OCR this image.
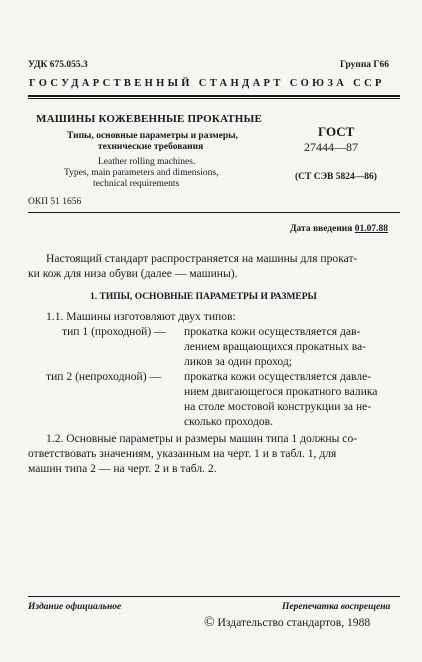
УДК 675.055.3	Группа Г66
ГОСУДАРСТВЕННЫЙ СТАНДАРТ СОЮЗА ССР
МАШИНЫ КОЖЕВЕННЫЕ ПРОКАТНЫЕ
Типы, основные параметры и размеры,
технические требования
Leather rolling machines.
Types, main parameters and dimensions,
technical requirements
ГОСТ
27444—87
(СТ СЭВ 5824—86)
ОКП 51 1656
Дата введения 01.07.88
Настоящий стандарт распространяется на машины для прокат-
ки кож для низа обуви (далее — машины).
1. ТИПЫ, ОСНОВНЫЕ ПАРАМЕТРЫ И РАЗМЕРЫ
1.1. Машины изготовляют двух типов:
тип 1 (проходной) — прокатка кожи осуществляется дав-
лением вращающихся прокатных ва-
ликов за один проход;
тип 2 (непроходной) — прокатка кожи осуществляется давле-
нием двигающегося прокатного валика
на столе мостовой конструкции за не-
сколько проходов.
1.2. Основные параметры и размеры машин типа 1 должны со-
ответствовать значениям, указанным на черт. 1 и в табл. 1, для
машин типа 2 — на черт. 2 и в табл. 2.
Издание официальное	Перепечатка воспрещена
© Издательство стандартов, 1988
